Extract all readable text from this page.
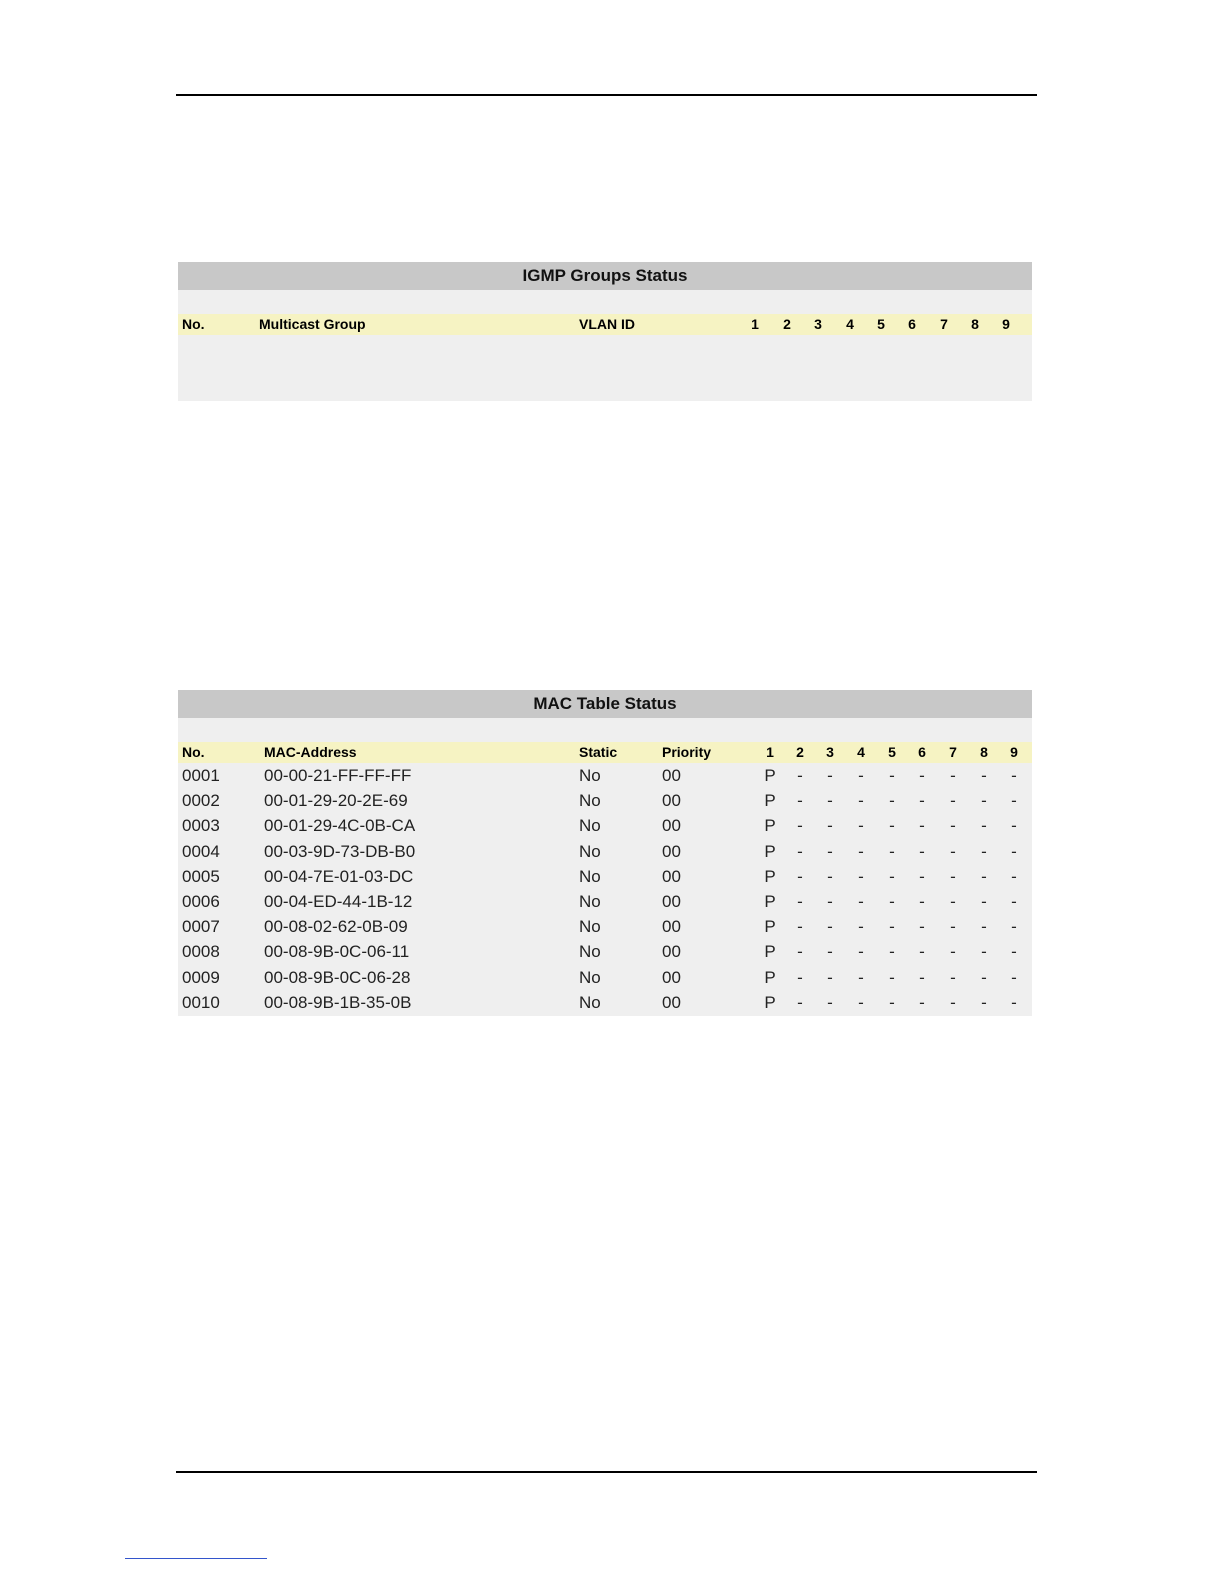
IGMP Groups Status
No.	Multicast Group	VLAN ID	1 2 3 4 5 6 7 8 9
MAC Table Status
No.	MAC-Address	Static	Priority	1 2 3 4 5 6 7 8 9
0001	00-00-21-FF-FF-FF	No	00	P	-	-	-	-	-	-	-	-
0002	00-01-29-20-2E-69	No	00	P	-	-	-	-	-	-	-	-
0003	00-01-29-4C-0B-CA	No	00	P	-	-	-	-	-	-	-	-
0004	00-03-9D-73-DB-B0	No	00	P	-	-	-	-	-	-	-	-
0005	00-04-7E-01-03-DC	No	00	P	-	-	-	-	-	-	-	-
0006	00-04-ED-44-1B-12	No	00	P	-	-	-	-	-	-	-	-
0007	00-08-02-62-0B-09	No	00	P	-	-	-	-	-	-	-	-
0008	00-08-9B-0C-06-11	No	00	P	-	-	-	-	-	-	-	-
0009	00-08-9B-0C-06-28	No	00	P	-	-	-	-	-	-	-	-
0010	00-08-9B-1B-35-0B	No	00	P	-	-	-	-	-	-	-	-
